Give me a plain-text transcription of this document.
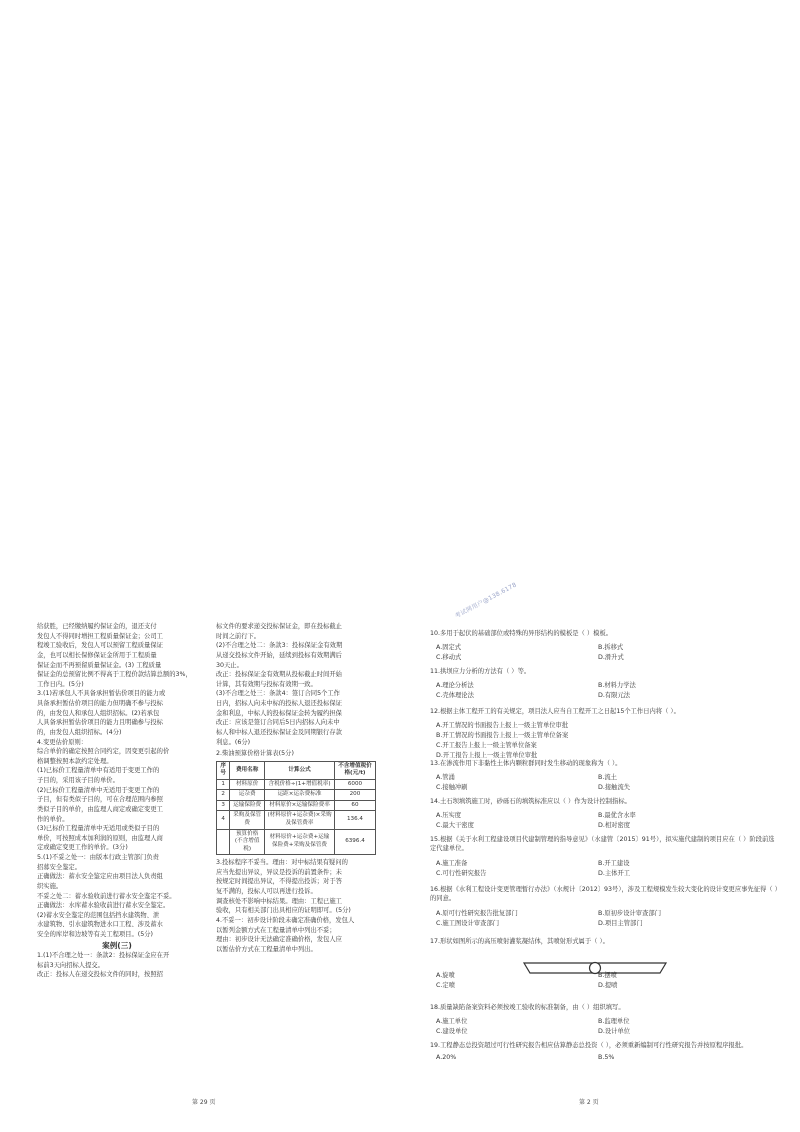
给获胜，已经缴纳履约保证金的，退还支付

发包人不得同时增担工程质量保证金；公司工

程竣工验收后，发包人可以预留工程质量保证

金，也可以相长保修保证金所用于工程质量

保证金而不再预留质量保证金。(3) 工程质量

保证金的总预留比例不得高于工程价款结算总额的3%，

工作日内。(5分)

3.(1)若承包人不具备承担暂估价项目的能力或

具备承担暂估价项目的能力但明确不参与投标

的，由发包人和承包人组织招标。(2)若承包

人具备承担暂估价项目的能力且明确参与投标

的，由发包人组织招标。(4分)

4.变更估价原则：

综合单价的确定按照合同约定，因变更引起的价

格调整按照本款约定处理。

(1)已标价工程量清单中有适用于变更工作的

子目的，采用该子目的单价。

(2)已标价工程量清单中无适用于变更工作的

子目，但有类似子目的，可在合理范围内参照

类似子目的单价，由监理人商定或确定变更工

作的单价。

(3)已标价工程量清单中无适用或类似子目的

单价，可按照成本加利润的原则，由监理人商

定或确定变更工作的单价。(3分)

5.(1)不妥之处一：由版本行政主管部门负责

招募安全鉴定。

正确做法：蓄水安全鉴定应由项目法人负责组

织实施。

不妥之处二：蓄水验收前进行蓄水安全鉴定不妥。

正确做法：水库蓄水验收前进行蓄水安全鉴定。

(2)蓄水安全鉴定的范围包括挡水建筑物、泄

水建筑物、引水建筑物进水口工程、涉及蓄水

安全的库岸和边坡等有关工程项目。(5分)

案例(三)

1.(1)不合理之处一：条款2：投标保证金应在开

标前3天向招标人提交。

改正：投标人在递交投标文件的同时，按照招

标文件的要求递交投标保证金，即在投标截止

时间之前行下。

(2)不合理之处二：条款3：投标保证金有效期

从递交投标文件开始，延续到投标有效期满后

30天止。

改正：投标保证金有效期从投标截止时间开始

计算，其有效期与投标有效期一致。

(3)不合理之处三：条款4：签订合同5个工作

日内，招标人向未中标的投标人退还投标保证

金和利息，中标人的投标保证金转为履约担保

改正：应该是签订合同后5日内招标人向未中

标人和中标人退还投标保证金及同期银行存款

利息。(6分)

2.柴油预算价格计算表(5分)

序号	费用名称	计算公式	不含增值税价格(元/t)
1	材料原价	含税价格÷(1+增值税率)	6000
2	运杂费	运距×运杂费标准	200
3	运输保险费	材料原价×运输保险费率	60
4	采购及保管费	(材料原价+运杂费)×采购及保管费率	136.4
	预算价格(不含增值税)	材料原价+运杂费+运输保险费+采购及保管费	6396.4

3.投标程序不妥当。理由：对中标结果有疑问的

应当先提出异议，异议是投诉的前置条件；未

按规定时间提出异议，不得提出投诉；对于答

复不满的，投标人可以再进行投诉。

调查核处不影响中标结果。理由：工程已施工

验收，只有相关部门出具相应的证明即可。(5分)

4.不妥一：初步设计阶段未确定准确价格，发包人

以暂列金额方式在工程量清单中列出不妥；

理由：初步设计无法确定准确价格，发包人应

以暂估价方式在工程量清单中列出。

第 29 页
考试网用户@138.6178
10.多用于起伏的基础部位或特殊的异形结构的模板是（ ）模板。
A.固定式	B.拆移式
C.移动式	D.滑升式
11.拱坝应力分析的方法有（ ）等。
A.理论分析法	B.材料力学法
C.壳体理论法	D.有限元法
12.根据主体工程开工的有关规定，项目法人应当自工程开工之日起15个工作日内将（ ）。
A.开工情况的书面报告上报上一级主管单位审批
B.开工情况的书面报告上报上一级主管单位备案
C.开工报告上报上一级主管单位备案
D.开工报告上报上一级主管单位审批
13.在渗流作用下非黏性土体内颗粒群同时发生移动的现象称为（ ）。
A.管涌	B.流土
C.接触冲刷	D.接触流失
14.土石坝填筑施工时，砂砾石的填筑标准应以（ ）作为设计控制指标。
A.压实度	B.最优含水率
C.最大干密度	D.相对密度
15.根据《关于水利工程建设项目代建制管理的指导意见》（水建管〔2015〕91号），拟实施代建制的项目应在（ ）阶段前选定代建单位。
A.施工准备	B.开工建设
C.可行性研究报告	D.主体开工
16.根据《水利工程设计变更管理暂行办法》（水规计〔2012〕93号），涉及工程规模发生较大变化的设计变更应事先征得（ ）的同意。
A.原可行性研究报告批复部门	B.原初步设计审查部门
C.施工图设计审查部门	D.项目主管部门
17.形状如图所示的高压喷射灌浆凝结体，其喷射形式属于（ ）。
A.旋喷	B.摆喷
C.定喷	D.提喷
18.质量缺陷备案资料必须按竣工验收的标准制备，由（ ）组织填写。
A.施工单位	B.监理单位
C.建设单位	D.设计单位
19.工程静态总投资超过可行性研究报告相应估算静态总投资（ ），必须重新编制可行性研究报告并按原程序报批。
A.20%	B.5%
第 2 页
